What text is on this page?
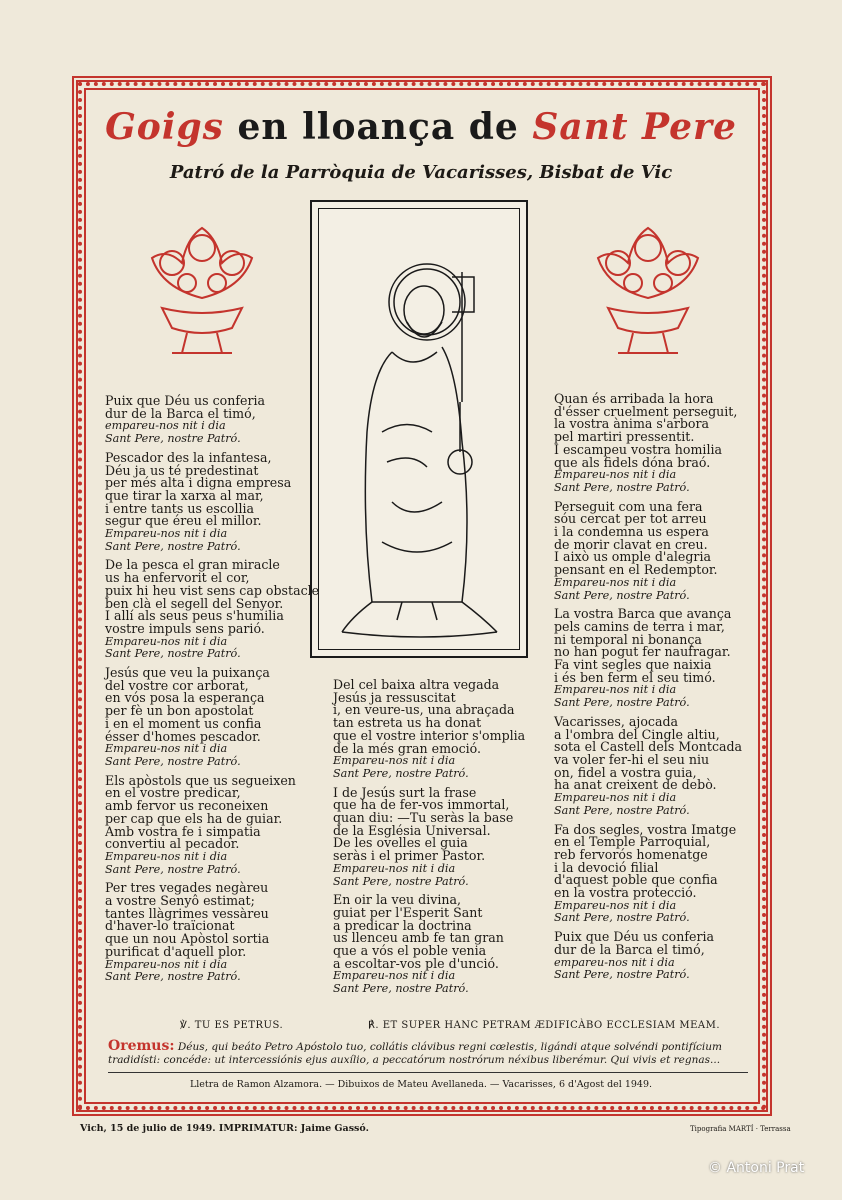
Goigs en lloança de Sant Pere
Patró de la Parròquia de Vacarisses, Bisbat de Vic
Puix que Déu us conferia
dur de la Barca el timó,
empareu-nos nit i dia
Sant Pere, nostre Patró.
Pescador des la infantesa,
Déu ja us té predestinat
per més alta i digna empresa
que tirar la xarxa al mar,
i entre tants us escollia
segur que éreu el millor.
Empareu-nos nit i dia
Sant Pere, nostre Patró.
De la pesca el gran miracle
us ha enfervorit el cor,
puix hi heu vist sens cap obstacle
ben clà el segell del Senyor.
I allí als seus peus s'humilia
vostre impuls sens parió.
Empareu-nos nit i dia
Sant Pere, nostre Patró.
Jesús que veu la puixança
del vostre cor arborat,
en vós posa la esperança
per fè un bon apostolat
i en el moment us confia
ésser d'homes pescador.
Empareu-nos nit i dia
Sant Pere, nostre Patró.
Els apòstols que us segueixen
en el vostre predicar,
amb fervor us reconeixen
per cap que els ha de guiar.
Amb vostra fe i simpatia
convertiu al pecador.
Empareu-nos nit i dia
Sant Pere, nostre Patró.
Per tres vegades negàreu
a vostre Senyô estimat;
tantes llàgrimes vessàreu
d'haver-lo traïcionat
que un nou Apòstol sortia
purificat d'aquell plor.
Empareu-nos nit i dia
Sant Pere, nostre Patró.
Del cel baixa altra vegada
Jesús ja ressuscitat
i, en veure-us, una abraçada
tan estreta us ha donat
que el vostre interior s'omplia
de la més gran emoció.
Empareu-nos nit i dia
Sant Pere, nostre Patró.
I de Jesús surt la frase
que ha de fer-vos immortal,
quan diu: —Tu seràs la base
de la Església Universal.
De les ovelles el guia
seràs i el primer Pastor.
Empareu-nos nit i dia
Sant Pere, nostre Patró.
En oir la veu divina,
guiat per l'Esperit Sant
a predicar la doctrina
us llenceu amb fe tan gran
que a vós el poble venia
a escoltar-vos ple d'unció.
Empareu-nos nit i dia
Sant Pere, nostre Patró.
Quan és arribada la hora
d'ésser cruelment perseguit,
la vostra ànima s'arbora
pel martiri pressentit.
I escampeu vostra homilia
que als fidels dóna braó.
Empareu-nos nit i dia
Sant Pere, nostre Patró.
Perseguit com una fera
sóu cercat per tot arreu
i la condemna us espera
de morir clavat en creu.
I això us omple d'alegria
pensant en el Redemptor.
Empareu-nos nit i dia
Sant Pere, nostre Patró.
La vostra Barca que avança
pels camins de terra i mar,
ni temporal ni bonança
no han pogut fer naufragar.
Fa vint segles que naixia
i és ben ferm el seu timó.
Empareu-nos nit i dia
Sant Pere, nostre Patró.
Vacarisses, ajocada
a l'ombra del Cingle altiu,
sota el Castell dels Montcada
va voler fer-hi el seu niu
on, fidel a vostra guia,
ha anat creixent de debò.
Empareu-nos nit i dia
Sant Pere, nostre Patró.
Fa dos segles, vostra Imatge
en el Temple Parroquial,
reb fervorós homenatge
i la devoció filial
d'aquest poble que confia
en la vostra protecció.
Empareu-nos nit i dia
Sant Pere, nostre Patró.
Puix que Déu us conferia
dur de la Barca el timó,
empareu-nos nit i dia
Sant Pere, nostre Patró.
℣. TU ES PETRUS.	℟. ET SUPER HANC PETRAM ÆDIFICÀBO ECCLESIAM MEAM.
Oremus: Déus, qui beáto Petro Apóstolo tuo, collátis clávibus regni cœlestis, ligándi atque solvéndi pontifícium tradidísti: concéde: ut intercessiónis ejus auxílio, a peccatórum nostrórum néxibus liberémur. Qui vivis et regnas...
Lletra de Ramon Alzamora. — Dibuixos de Mateu Avellaneda. — Vacarisses, 6 d'Agost del 1949.
Vich, 15 de julio de 1949. IMPRIMATUR: Jaime Gassó.	Tipografia MARTÍ · Terrassa
© Antoni Prat
